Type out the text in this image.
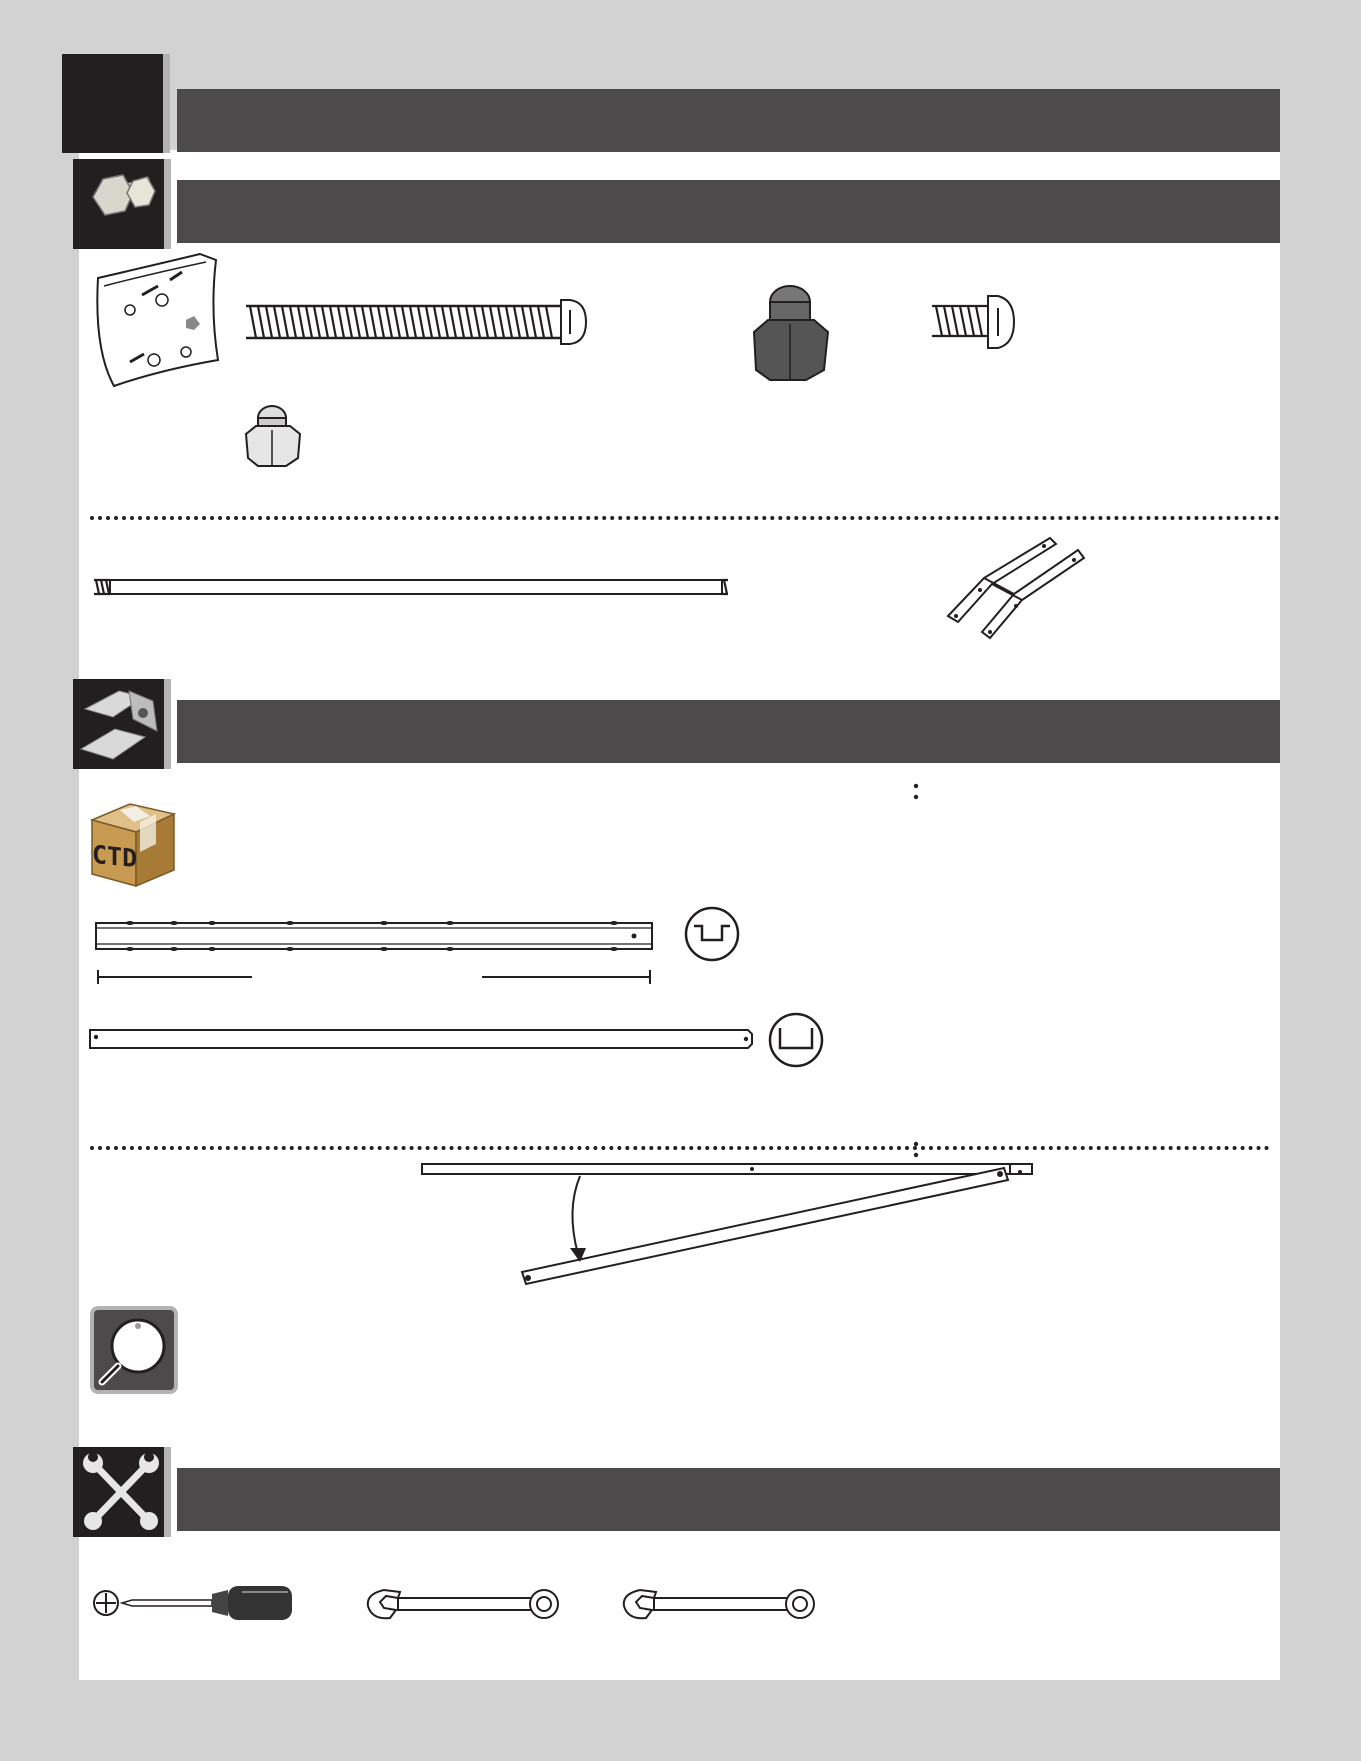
CTD
